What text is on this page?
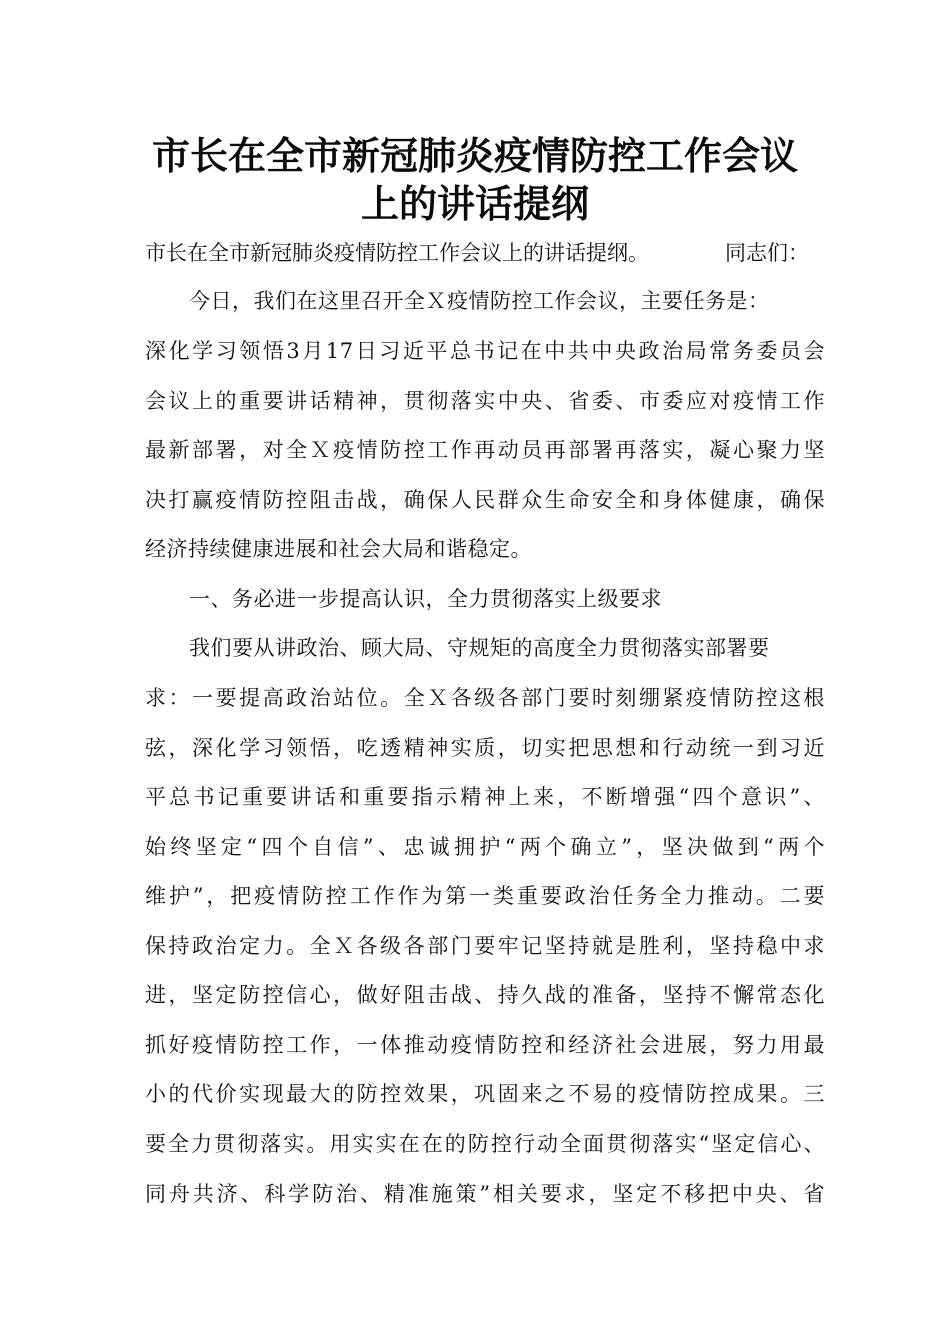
市长在全市新冠肺炎疫情防控工作会议
上的讲话提纲
市长在全市新冠肺炎疫情防控工作会议上的讲话提纲。	同志们：
今日，我们在这里召开全Ｘ疫情防控工作会议，主要任务是：
深化学习领悟3月17日习近平总书记在中共中央政治局常务委员会
会议上的重要讲话精神，贯彻落实中央、省委、市委应对疫情工作
最新部署，对全Ｘ疫情防控工作再动员再部署再落实，凝心聚力坚
决打赢疫情防控阻击战，确保人民群众生命安全和身体健康，确保
经济持续健康进展和社会大局和谐稳定。
一、务必进一步提高认识，全力贯彻落实上级要求
我们要从讲政治、顾大局、守规矩的高度全力贯彻落实部署要
求：一要提高政治站位。全Ｘ各级各部门要时刻绷紧疫情防控这根
弦，深化学习领悟，吃透精神实质，切实把思想和行动统一到习近
平总书记重要讲话和重要指示精神上来，不断增强“四个意识”、
始终坚定“四个自信”、忠诚拥护“两个确立”，坚决做到“两个
维护”，把疫情防控工作作为第一类重要政治任务全力推动。二要
保持政治定力。全Ｘ各级各部门要牢记坚持就是胜利，坚持稳中求
进，坚定防控信心，做好阻击战、持久战的准备，坚持不懈常态化
抓好疫情防控工作，一体推动疫情防控和经济社会进展，努力用最
小的代价实现最大的防控效果，巩固来之不易的疫情防控成果。三
要全力贯彻落实。用实实在在的防控行动全面贯彻落实“坚定信心、
同舟共济、科学防治、精准施策”相关要求，坚定不移把中央、省
